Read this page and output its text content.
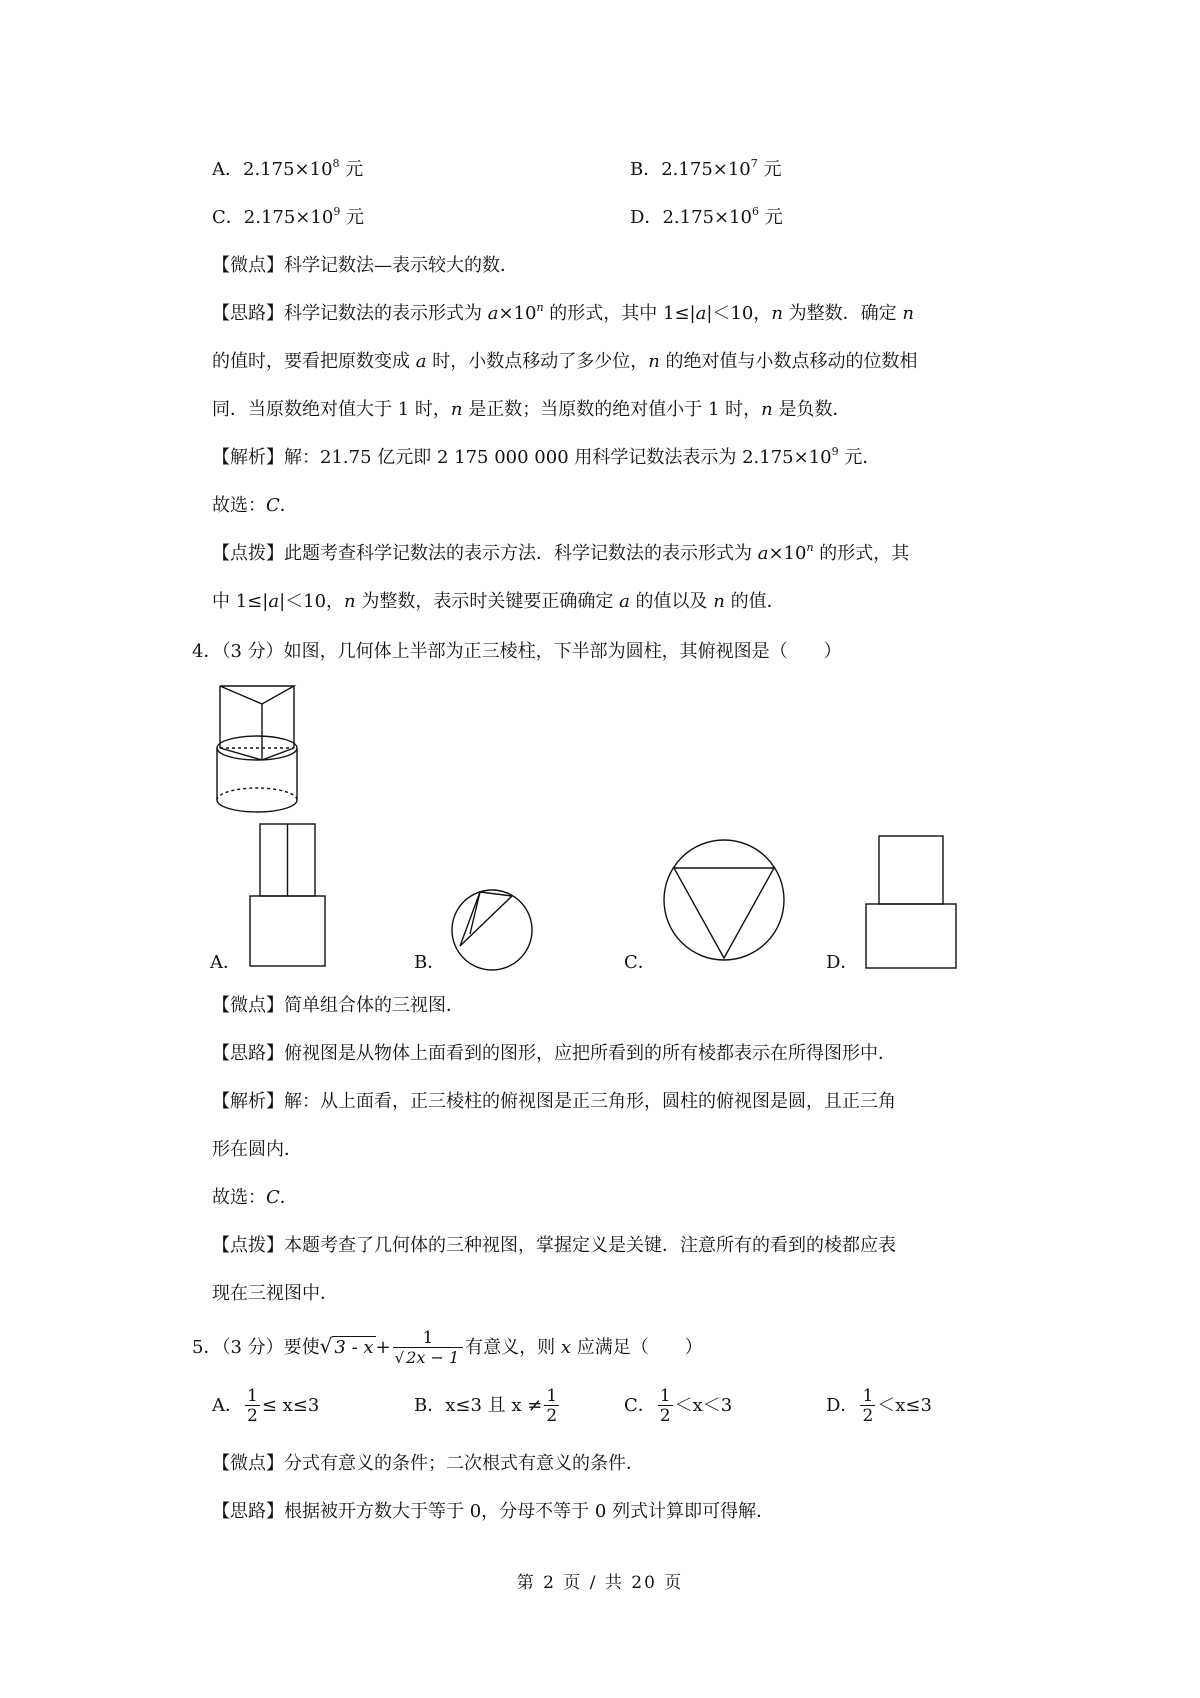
A．$2.175\times 10^8$ 元	B．$2.175\times 10^7$ 元
C．$2.175\times 10^9$ 元	D．$2.175\times 10^6$ 元
【微点】科学记数法—表示较大的数．
【思路】科学记数法的表示形式为 $a\times 10^n$ 的形式，其中 1≤|a|＜10，n 为整数．确定 n
的值时，要看把原数变成 a 时，小数点移动了多少位，n 的绝对值与小数点移动的位数相
同．当原数绝对值大于 1 时，n 是正数；当原数的绝对值小于 1 时，n 是负数．
【解析】解：21.75 亿元即 2 175 000 000 用科学记数法表示为 $2.175\times 10^9$ 元．
故选：C．
【点拨】此题考查科学记数法的表示方法．科学记数法的表示形式为 $a\times 10^n$ 的形式，其
中 1≤|a|＜10，n 为整数，表示时关键要正确确定 a 的值以及 n 的值．
4．（3 分）如图，几何体上半部为正三棱柱，下半部为圆柱，其俯视图是（　　）
A．	B．	C．	D．
【微点】简单组合体的三视图．
【思路】俯视图是从物体上面看到的图形，应把所看到的所有棱都表示在所得图形中．
【解析】解：从上面看，正三棱柱的俯视图是正三角形，圆柱的俯视图是圆，且正三角
形在圆内．
故选：C．
【点拨】本题考查了几何体的三种视图，掌握定义是关键．注意所有的看到的棱都应表
现在三视图中．
5．（3 分）要使√ $3 - x + \frac{1}{√ 2x - 1}$ 有意义，则 x 应满足（　　）
A． $\frac{1}{2} \le x\le 3$	B．x≤3 且 $x \ne \frac{1}{2}$	C． $\frac{1}{2} <x<3$	D． $\frac{1}{2} <x\le 3$
【微点】分式有意义的条件；二次根式有意义的条件．
【思路】根据被开方数大于等于 0，分母不等于 0 列式计算即可得解．
第 2 页 / 共 20 页
